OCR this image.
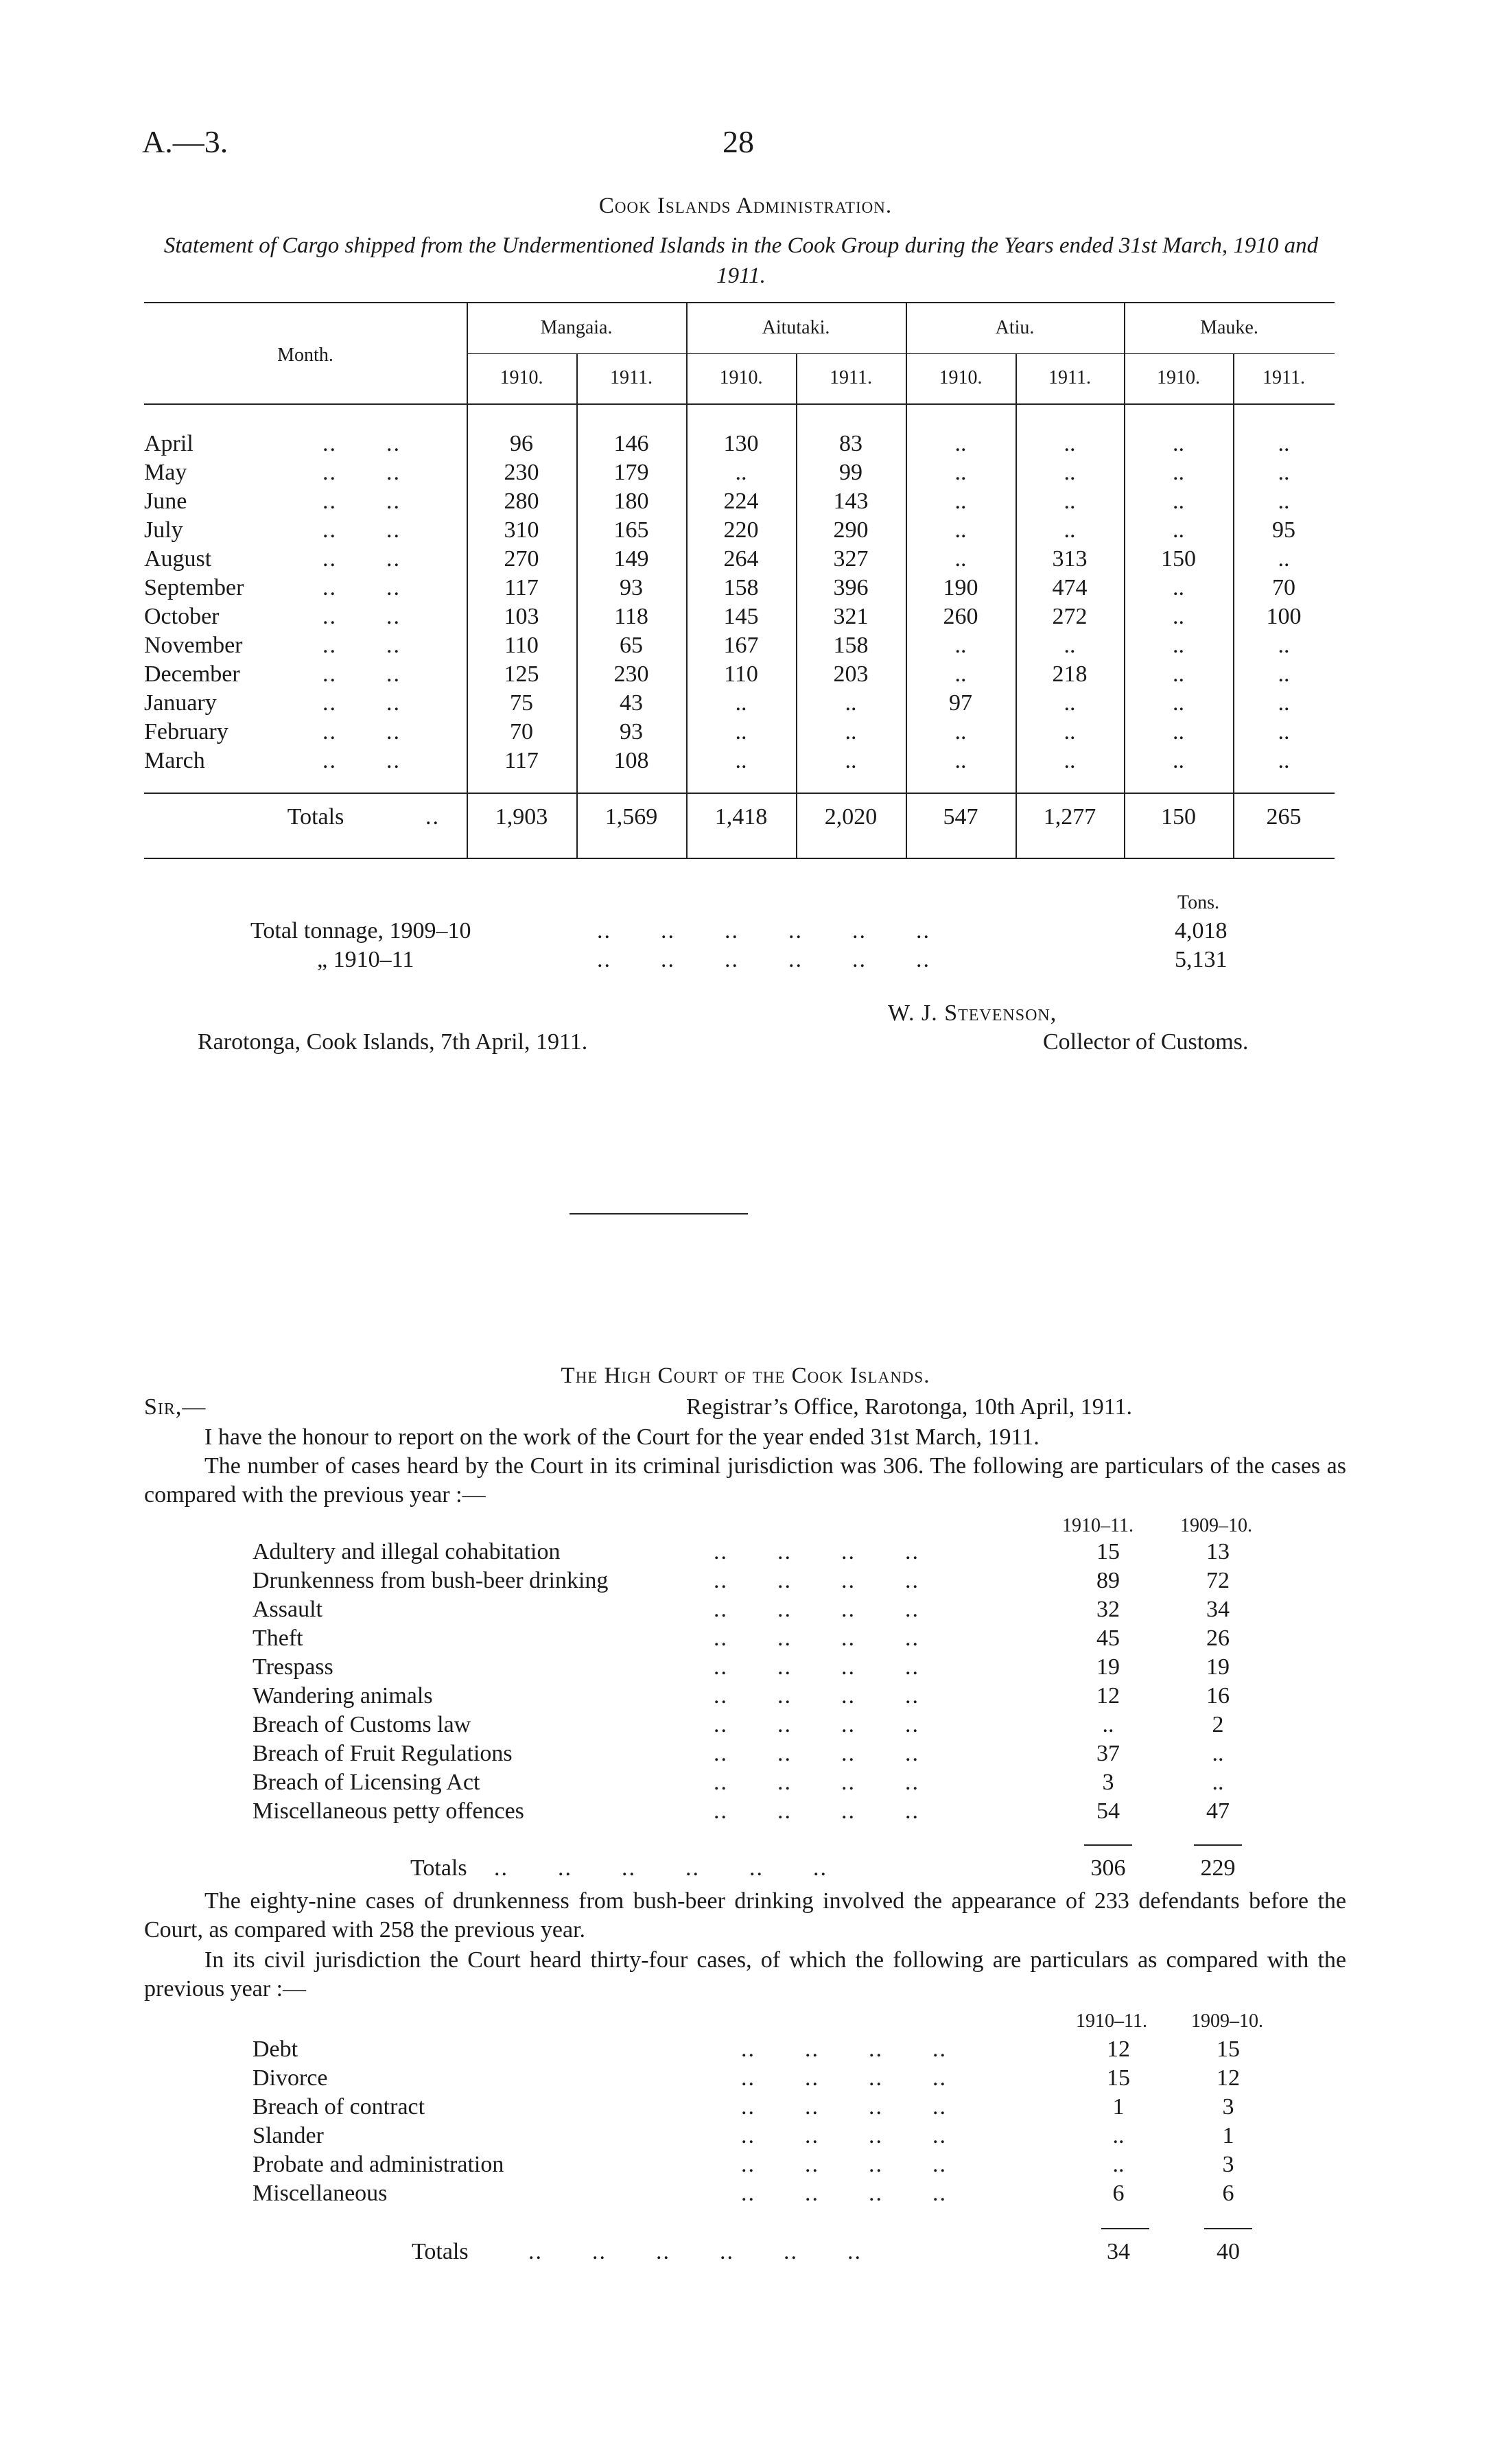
A.—3.	28
Cook Islands Administration.
Statement of Cargo shipped from the Undermentioned Islands in the Cook Group during the Years ended 31st March, 1910 and 1911.
Month.
Mangaia.	Aitutaki.	Atiu.	Mauke.
1910.	1911.	1910.	1911.	1910.	1911.	1910.	1911.
April	..  ..	96	146	130	83	..	..	..	..
May	..  ..	230	179	..	99	..	..	..	..
June	..  ..	280	180	224	143	..	..	..	..
July	..  ..	310	165	220	290	..	..	..	95
August	..  ..	270	149	264	327	..	313	150	..
September	..  ..	117	93	158	396	190	474	..	70
October	..  ..	103	118	145	321	260	272	..	100
November	..  ..	110	65	167	158	..	..	..	..
December	..  ..	125	230	110	203	..	218	..	..
January	..  ..	75	43	..	..	97	..	..	..
February	..  ..	70	93	..	..	..	..	..	..
March	..  ..	117	108	..	..	..	..	..	..
Totals	..	1,903	1,569	1,418	2,020	547	1,277	150	265
Tons.
Total tonnage, 1909–10	..  ..  ..  ..  ..  ..	4,018
„ 1910–11	..  ..  ..  ..  ..  ..	5,131
Rarotonga, Cook Islands, 7th April, 1911.
W. J. Stevenson,
Collector of Customs.
The High Court of the Cook Islands.
Sir,—	Registrar’s Office, Rarotonga, 10th April, 1911.
I have the honour to report on the work of the Court for the year ended 31st March, 1911.
The number of cases heard by the Court in its criminal jurisdiction was 306. The following are particulars of the cases as compared with the previous year :—
1910–11. 1909–10.
Adultery and illegal cohabitation	..  ..  ..  ..	15	13
Drunkenness from bush-beer drinking	..  ..  ..  ..	89	72
Assault	..  ..  ..  ..	32	34
Theft	..  ..  ..  ..	45	26
Trespass	..  ..  ..  ..	19	19
Wandering animals	..  ..  ..  ..	12	16
Breach of Customs law	..  ..  ..  ..	..	2
Breach of Fruit Regulations	..  ..  ..  ..	37	..
Breach of Licensing Act	..  ..  ..  ..	3	..
Miscellaneous petty offences	..  ..  ..  ..	54	47
Totals ..  ..  ..  ..  ..  ..	306	229
The eighty-nine cases of drunkenness from bush-beer drinking involved the appearance of 233 defendants before the Court, as compared with 258 the previous year.
In its civil jurisdiction the Court heard thirty-four cases, of which the following are particulars as compared with the previous year :—
1910–11. 1909–10.
Debt	..  ..  ..  ..	12	15
Divorce	..  ..  ..  ..	15	12
Breach of contract	..  ..  ..  ..	1	3
Slander	..  ..  ..  ..	..	1
Probate and administration	..  ..  ..  ..	..	3
Miscellaneous	..  ..  ..  ..	6	6
Totals	..  ..  ..  ..  ..  ..	34	40
